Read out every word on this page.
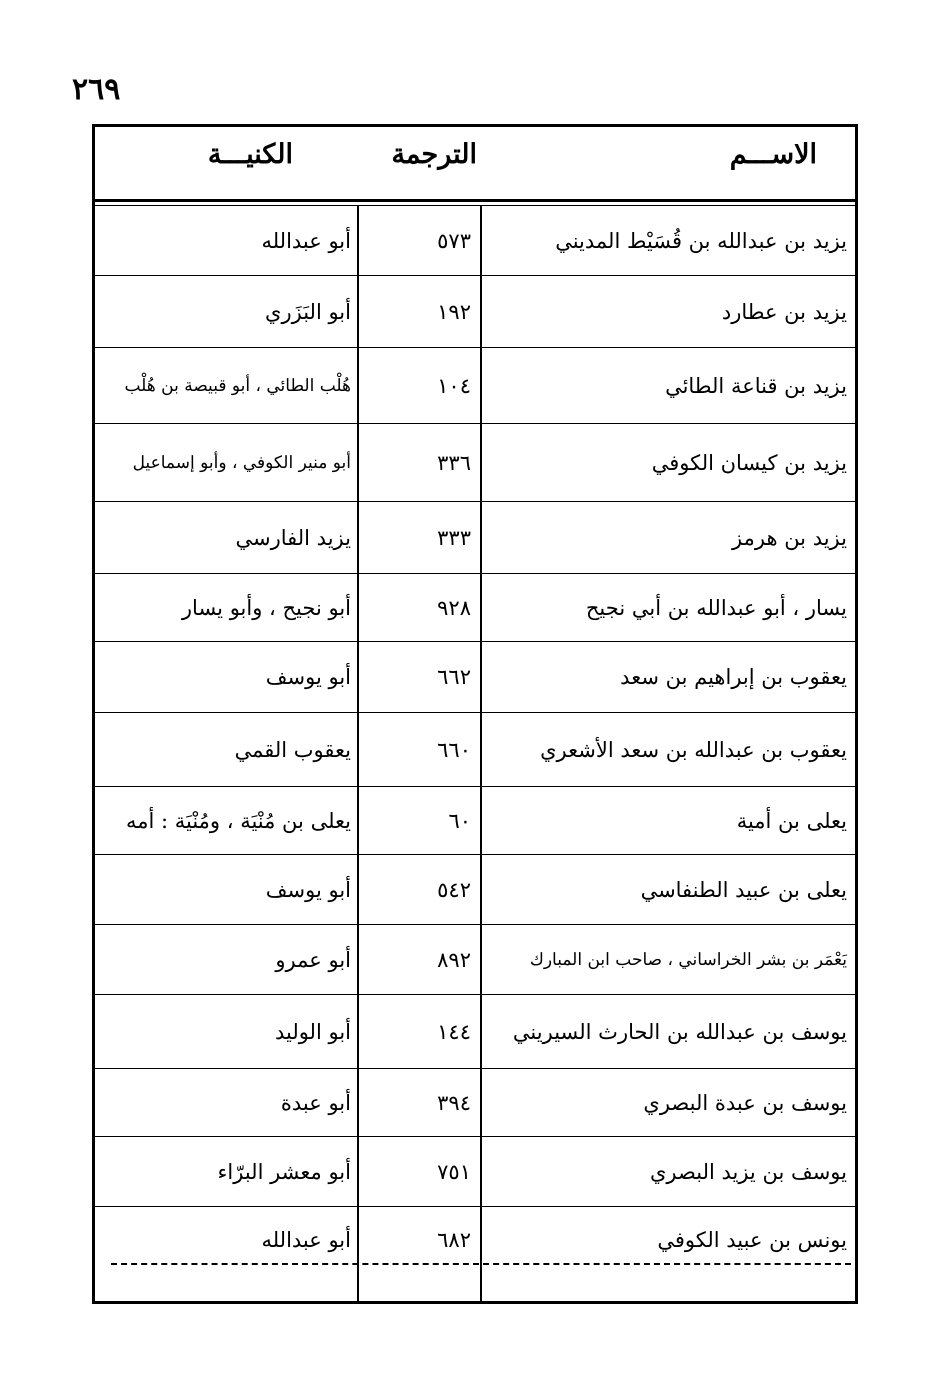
٢٦٩
الاســـم
الترجمة
الكنيـــة
يزيد بن عبدالله بن قُسَيْط المديني
٥٧٣
أبو عبدالله
يزيد بن عطارد
١٩٢
أبو البَزَري
يزيد بن قناعة الطائي
١٠٤
هُلْب الطائي ، أبو قبيصة بن هُلْب
يزيد بن كيسان الكوفي
٣٣٦
أبو منير الكوفي ، وأبو إسماعيل
يزيد بن هرمز
٣٣٣
يزيد الفارسي
يسار ، أبو عبدالله بن أبي نجيح
٩٢٨
أبو نجيح ، وأبو يسار
يعقوب بن إبراهيم بن سعد
٦٦٢
أبو يوسف
يعقوب بن عبدالله بن سعد الأشعري
٦٦٠
يعقوب القمي
يعلى بن أمية
٦٠
يعلى بن مُنْيَة ، ومُنْيَة : أمه
يعلى بن عبيد الطنفاسي
٥٤٢
أبو يوسف
يَعْمَر بن بشر الخراساني ، صاحب ابن المبارك
٨٩٢
أبو عمرو
يوسف بن عبدالله بن الحارث السيريني
١٤٤
أبو الوليد
يوسف بن عبدة البصري
٣٩٤
أبو عبدة
يوسف بن يزيد البصري
٧٥١
أبو معشر البرّاء
يونس بن عبيد الكوفي
٦٨٢
أبو عبدالله
